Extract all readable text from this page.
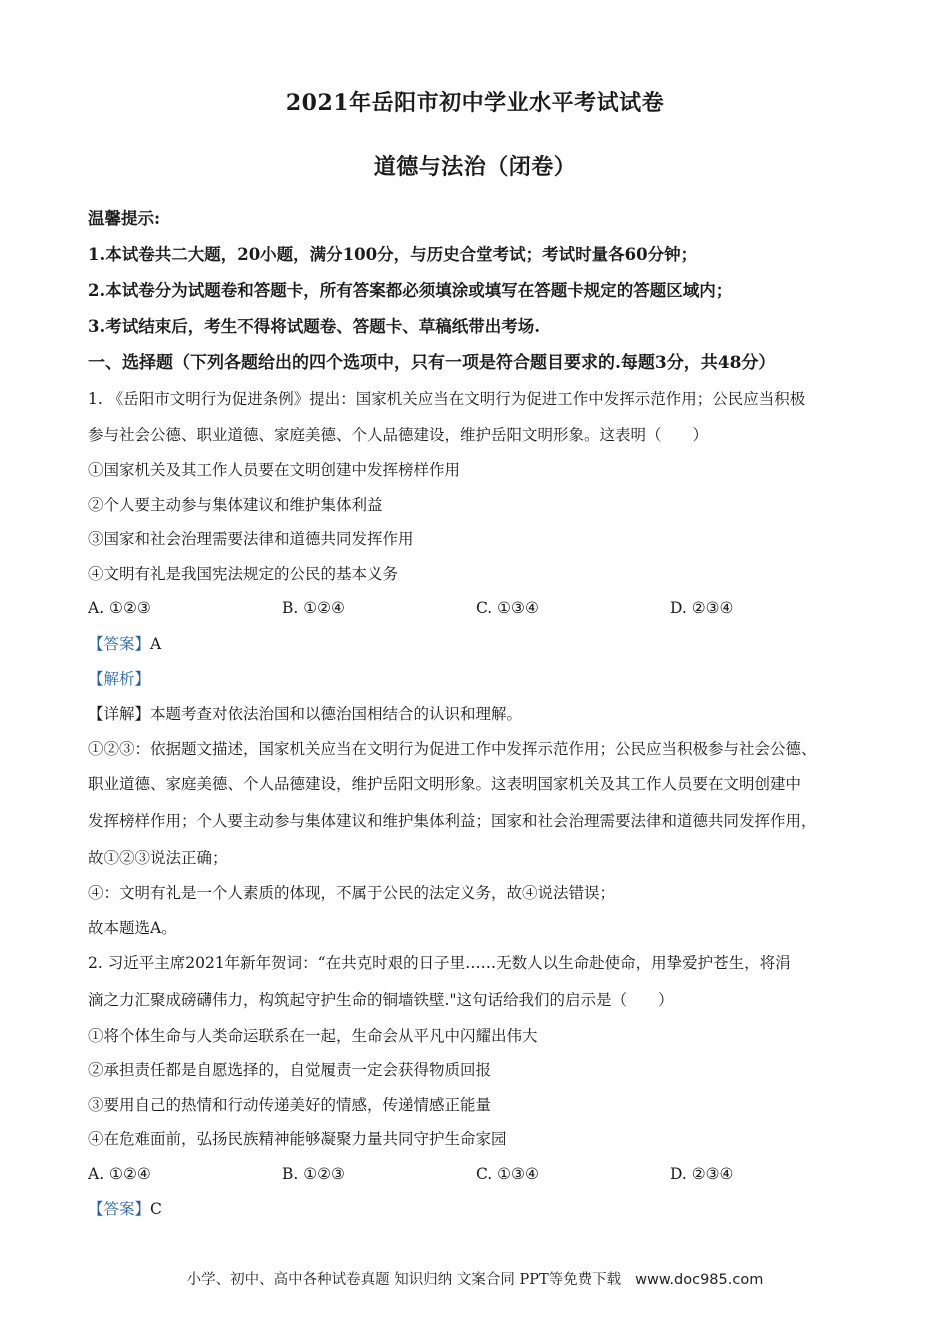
2021年岳阳市初中学业水平考试试卷
道德与法治（闭卷）
温馨提示:
1.本试卷共二大题，20小题，满分100分，与历史合堂考试；考试时量各60分钟；
2.本试卷分为试题卷和答题卡，所有答案都必须填涂或填写在答题卡规定的答题区域内；
3.考试结束后，考生不得将试题卷、答题卡、草稿纸带出考场.
一、选择题（下列各题给出的四个选项中，只有一项是符合题目要求的.每题3分，共48分）
1. 《岳阳市文明行为促进条例》提出：国家机关应当在文明行为促进工作中发挥示范作用；公民应当积极
参与社会公德、职业道德、家庭美德、个人品德建设，维护岳阳文明形象。这表明（　　）
①国家机关及其工作人员要在文明创建中发挥榜样作用
②个人要主动参与集体建议和维护集体利益
③国家和社会治理需要法律和道德共同发挥作用
④文明有礼是我国宪法规定的公民的基本义务
A. ①②③	B. ①②④	C. ①③④	D. ②③④
【答案】A
【解析】
【详解】本题考查对依法治国和以德治国相结合的认识和理解。
①②③：依据题文描述，国家机关应当在文明行为促进工作中发挥示范作用；公民应当积极参与社会公德、
职业道德、家庭美德、个人品德建设，维护岳阳文明形象。这表明国家机关及其工作人员要在文明创建中
发挥榜样作用；个人要主动参与集体建议和维护集体利益；国家和社会治理需要法律和道德共同发挥作用，
故①②③说法正确；
④：文明有礼是一个人素质的体现，不属于公民的法定义务，故④说法错误；
故本题选A。
2. 习近平主席2021年新年贺词：“在共克时艰的日子里……无数人以生命赴使命，用挚爱护苍生，将涓
滴之力汇聚成磅礴伟力，构筑起守护生命的铜墙铁壁."这句话给我们的启示是（　　）
①将个体生命与人类命运联系在一起，生命会从平凡中闪耀出伟大
②承担责任都是自愿选择的，自觉履责一定会获得物质回报
③要用自己的热情和行动传递美好的情感，传递情感正能量
④在危难面前，弘扬民族精神能够凝聚力量共同守护生命家园
A. ①②④	B. ①②③	C. ①③④	D. ②③④
【答案】C
小学、初中、高中各种试卷真题 知识归纳 文案合同 PPT等免费下载 www.doc985.com
